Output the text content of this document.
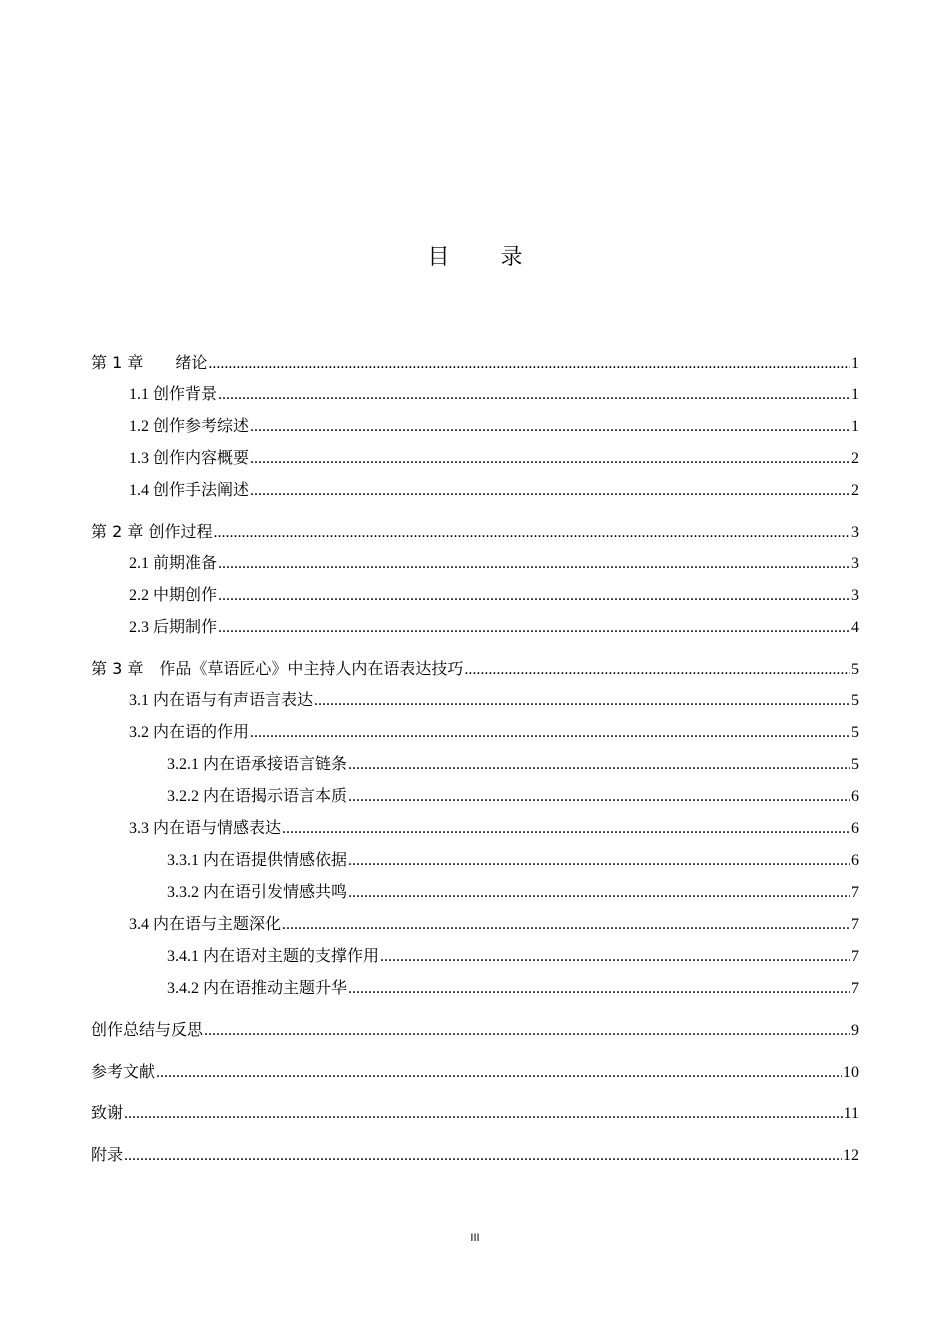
目 录
第 1 章　　绪论 .....	1
1.1 创作背景 .....	1
1.2 创作参考综述 .....	1
1.3 创作内容概要 .....	2
1.4 创作手法阐述 .....	2
第 2 章 创作过程 .....	3
2.1 前期准备 .....	3
2.2 中期创作 .....	3
2.3 后期制作 .....	4
第 3 章　作品《草语匠心》中主持人内在语表达技巧 .....	5
3.1 内在语与有声语言表达 .....	5
3.2 内在语的作用 .....	5
3.2.1 内在语承接语言链条 .....	5
3.2.2 内在语揭示语言本质 .....	6
3.3 内在语与情感表达 .....	6
3.3.1 内在语提供情感依据 .....	6
3.3.2 内在语引发情感共鸣 .....	7
3.4 内在语与主题深化 .....	7
3.4.1 内在语对主题的支撑作用 .....	7
3.4.2 内在语推动主题升华 .....	7
创作总结与反思 .....	9
参考文献 .....	10
致谢 .....	11
附录 .....	12
III
